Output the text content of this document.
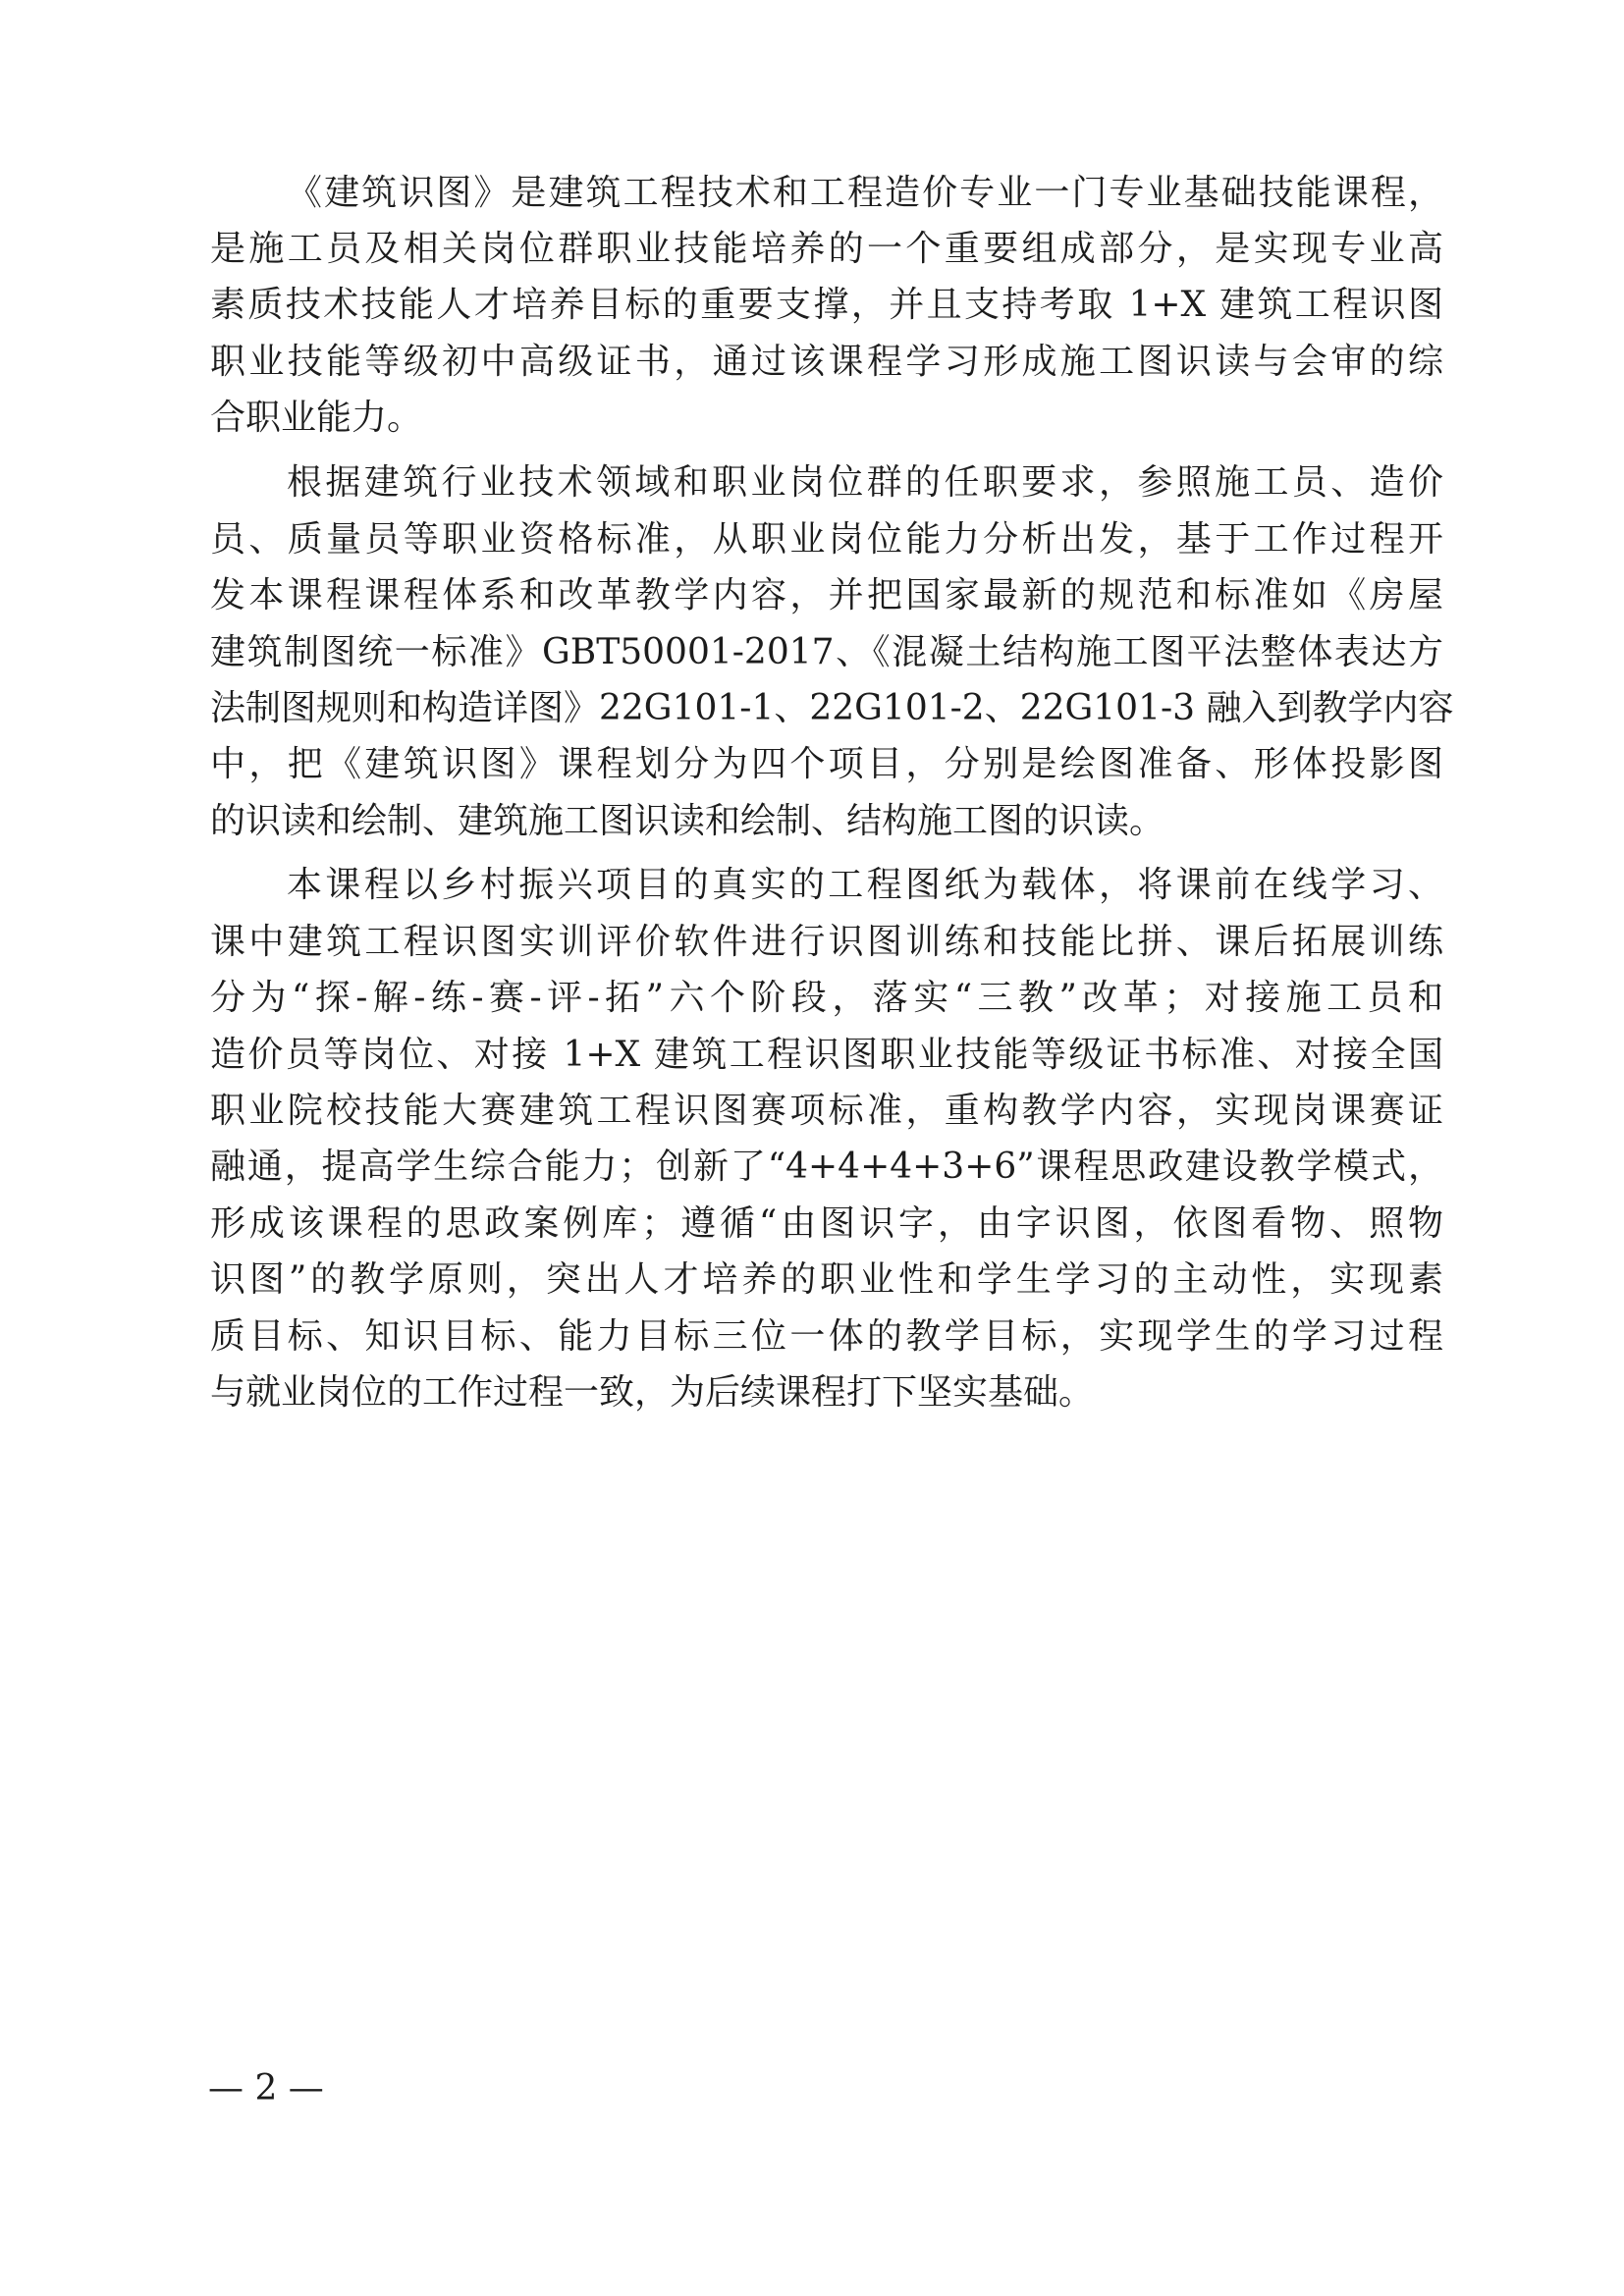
《建筑识图》是建筑工程技术和工程造价专业一门专业基础技能课程，
是施工员及相关岗位群职业技能培养的一个重要组成部分，是实现专业高
素质技术技能人才培养目标的重要支撑，并且支持考取 1+X 建筑工程识图
职业技能等级初中高级证书，通过该课程学习形成施工图识读与会审的综
合职业能力。
根据建筑行业技术领域和职业岗位群的任职要求，参照施工员、造价
员、质量员等职业资格标准，从职业岗位能力分析出发，基于工作过程开
发本课程课程体系和改革教学内容，并把国家最新的规范和标准如《房屋
建筑制图统一标准》GBT50001-2017、《混凝土结构施工图平法整体表达方
法制图规则和构造详图》22G101-1、22G101-2、22G101-3 融入到教学内容
中，把《建筑识图》课程划分为四个项目，分别是绘图准备、形体投影图
的识读和绘制、建筑施工图识读和绘制、结构施工图的识读。
本课程以乡村振兴项目的真实的工程图纸为载体，将课前在线学习、
课中建筑工程识图实训评价软件进行识图训练和技能比拼、课后拓展训练
分为“探-解-练-赛-评-拓”六个阶段，落实“三教”改革；对接施工员和
造价员等岗位、对接 1+X 建筑工程识图职业技能等级证书标准、对接全国
职业院校技能大赛建筑工程识图赛项标准，重构教学内容，实现岗课赛证
融通，提高学生综合能力；创新了“4+4+4+3+6”课程思政建设教学模式，
形成该课程的思政案例库；遵循“由图识字，由字识图，依图看物、照物
识图”的教学原则，突出人才培养的职业性和学生学习的主动性，实现素
质目标、知识目标、能力目标三位一体的教学目标，实现学生的学习过程
与就业岗位的工作过程一致，为后续课程打下坚实基础。
— 2 —
